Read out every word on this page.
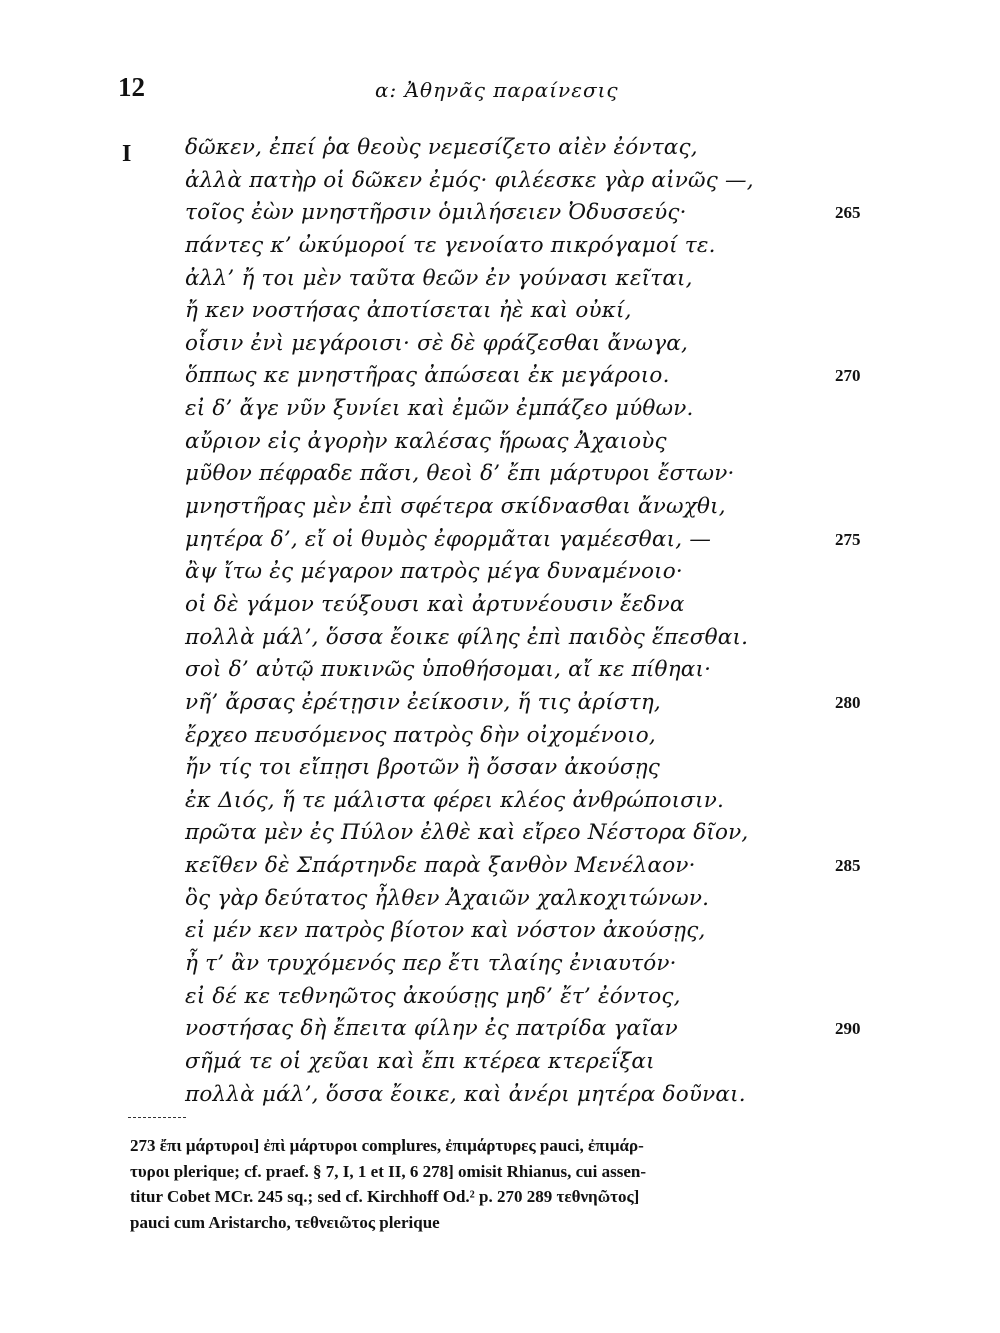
12	α: Ἀθηνᾶς παραίνεσις
I δῶκεν, ἐπεί ῥα θεοὺς νεμεσίζετο αἰὲν ἐόντας,
ἀλλὰ πατὴρ οἱ δῶκεν ἐμός· φιλέεσκε γὰρ αἰνῶς —,
τοῖος ἐὼν μνηστῆρσιν ὁμιλήσειεν Ὀδυσσεύς·	265
πάντες κ’ ὠκύμοροί τε γενοίατο πικρόγαμοί τε.
ἀλλ’ ἤ τοι μὲν ταῦτα θεῶν ἐν γούνασι κεῖται,
ἤ κεν νοστήσας ἀποτίσεται ἠὲ καὶ οὐκί,
οἷσιν ἐνὶ μεγάροισι· σὲ δὲ φράζεσθαι ἄνωγα,
ὅππως κε μνηστῆρας ἀπώσεαι ἐκ μεγάροιο.	270
εἰ δ’ ἄγε νῦν ξυνίει καὶ ἐμῶν ἐμπάζεο μύθων.
αὔριον εἰς ἀγορὴν καλέσας ἥρωας Ἀχαιοὺς
μῦθον πέφραδε πᾶσι, θεοὶ δ’ ἔπι μάρτυροι ἔστων·
μνηστῆρας μὲν ἐπὶ σφέτερα σκίδνασθαι ἄνωχθι,
μητέρα δ’, εἴ οἱ θυμὸς ἐφορμᾶται γαμέεσθαι, —	275
ἂψ ἴτω ἐς μέγαρον πατρὸς μέγα δυναμένοιο·
οἱ δὲ γάμον τεύξουσι καὶ ἀρτυνέουσιν ἔεδνα
πολλὰ μάλ’, ὅσσα ἔοικε φίλης ἐπὶ παιδὸς ἕπεσθαι.
σοὶ δ’ αὐτῷ πυκινῶς ὑποθήσομαι, αἴ κε πίθηαι·
νῆ’ ἄρσας ἐρέτῃσιν ἐείκοσιν, ἥ τις ἀρίστη,	280
ἔρχεο πευσόμενος πατρὸς δὴν οἰχομένοιο,
ἤν τίς τοι εἴπῃσι βροτῶν ἢ ὄσσαν ἀκούσῃς
ἐκ Διός, ἥ τε μάλιστα φέρει κλέος ἀνθρώποισιν.
πρῶτα μὲν ἐς Πύλον ἐλθὲ καὶ εἴρεο Νέστορα δῖον,
κεῖθεν δὲ Σπάρτηνδε παρὰ ξανθὸν Μενέλαον·	285
ὃς γὰρ δεύτατος ἦλθεν Ἀχαιῶν χαλκοχιτώνων.
εἰ μέν κεν πατρὸς βίοτον καὶ νόστον ἀκούσῃς,
ἦ τ’ ἂν τρυχόμενός περ ἔτι τλαίης ἐνιαυτόν·
εἰ δέ κε τεθνηῶτος ἀκούσῃς μηδ’ ἔτ’ ἐόντος,
νοστήσας δὴ ἔπειτα φίλην ἐς πατρίδα γαῖαν	290
σῆμά τε οἱ χεῦαι καὶ ἔπι κτέρεα κτερεΐξαι
πολλὰ μάλ’, ὅσσα ἔοικε, καὶ ἀνέρι μητέρα δοῦναι.
273 ἔπι μάρτυροι] ἐπὶ μάρτυροι complures, ἐπιμάρτυρες pauci, ἐπιμάρ-
τυροι plerique; cf. praef. § 7, I, 1 et II, 6 278] omisit Rhianus, cui assen-
titur Cobet MCr. 245 sq.; sed cf. Kirchhoff Od.² p. 270 289 τεθνηῶτος]
pauci cum Aristarcho, τεθνειῶτος plerique
